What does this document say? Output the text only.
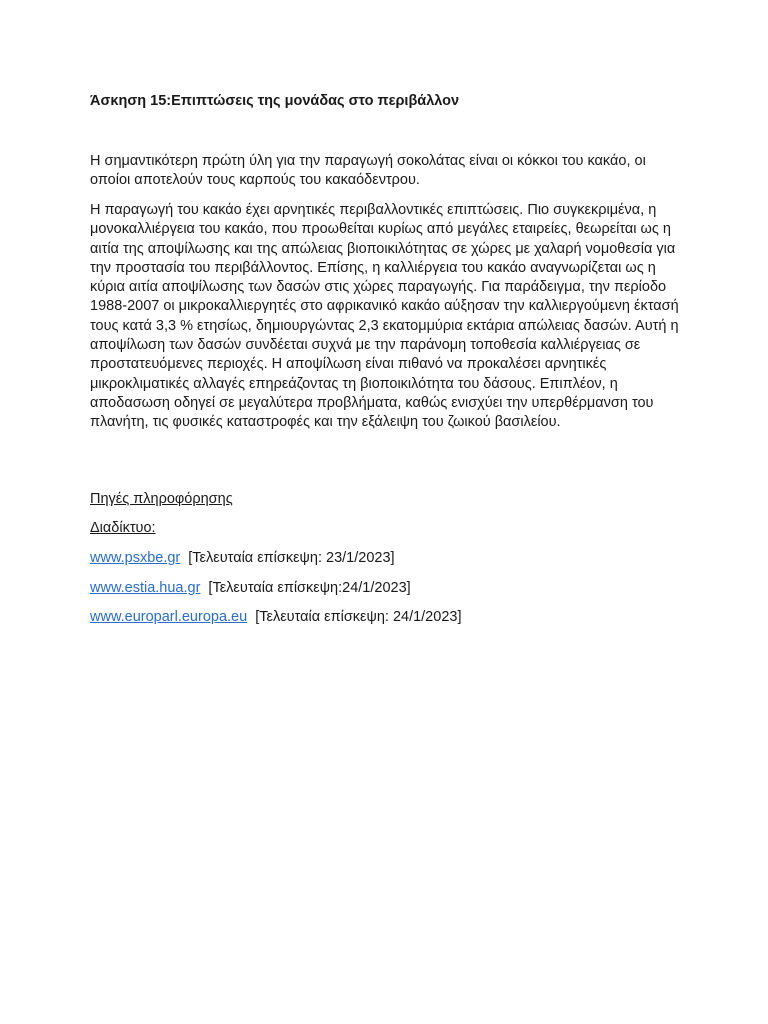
Άσκηση 15:Επιπτώσεις της μονάδας στο περιβάλλον

Η σημαντικότερη πρώτη ύλη για την παραγωγή σοκολάτας είναι οι κόκκοι του κακάο, οι οποίοι αποτελούν τους καρπούς του κακαόδεντρου.

Η παραγωγή του κακάο έχει αρνητικές περιβαλλοντικές επιπτώσεις. Πιο συγκεκριμένα, η μονοκαλλιέργεια του κακάο, που προωθείται κυρίως από μεγάλες εταιρείες, θεωρείται ως η αιτία της αποψίλωσης και της απώλειας βιοποικιλότητας σε χώρες με χαλαρή νομοθεσία για την προστασία του περιβάλλοντος. Επίσης, η καλλιέργεια του κακάο αναγνωρίζεται ως η κύρια αιτία αποψίλωσης των δασών στις χώρες παραγωγής. Για παράδειγμα, την περίοδο 1988-2007 οι μικροκαλλιεργητές στο αφρικανικό κακάο αύξησαν την καλλιεργούμενη έκτασή τους κατά 3,3 % ετησίως, δημιουργώντας 2,3 εκατομμύρια εκτάρια απώλειας δασών. Αυτή η αποψίλωση των δασών συνδέεται συχνά με την παράνομη τοποθεσία καλλιέργειας σε προστατευόμενες περιοχές. Η αποψίλωση είναι πιθανό να προκαλέσει αρνητικές μικροκλιματικές αλλαγές επηρεάζοντας τη βιοποικιλότητα του δάσους. Επιπλέον, η αποδασωση οδηγεί σε μεγαλύτερα προβλήματα, καθώς ενισχύει την υπερθέρμανση του πλανήτη, τις φυσικές καταστροφές και την εξάλειψη του ζωικού βασιλείου.

Πηγές πληροφόρησης

Διαδίκτυο:

www.psxbe.gr [Τελευταία επίσκεψη: 23/1/2023]

www.estia.hua.gr [Τελευταία επίσκεψη:24/1/2023]

www.europarl.europa.eu [Τελευταία επίσκεψη: 24/1/2023]
